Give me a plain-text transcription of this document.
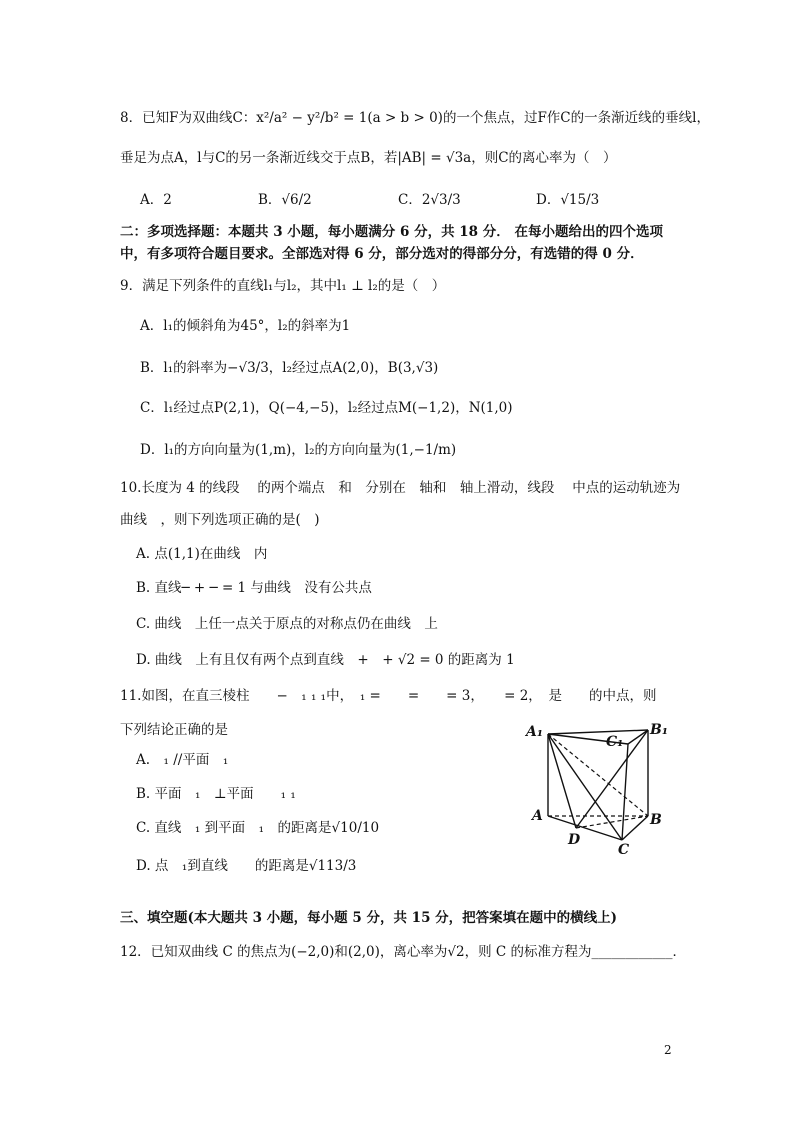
8．已知F为双曲线C：x²/a² − y²/b² = 1(a > b > 0)的一个焦点，过F作C的一条渐近线的垂线l，
垂足为点A，l与C的另一条渐近线交于点B，若|AB| = √3a，则C的离心率为（　）
A．2	B．√6/2	C．2√3/3	D．√15/3
二：多项选择题：本题共 3 小题，每小题满分 6 分，共 18 分． 在每小题给出的四个选项
中，有多项符合题目要求。全部选对得 6 分，部分选对的得部分分，有选错的得 0 分．
9．满足下列条件的直线l₁与l₂，其中l₁ ⊥ l₂的是（　）
A．l₁的倾斜角为45°，l₂的斜率为1
B．l₁的斜率为−√3/3，l₂经过点A(2,0)，B(3,√3)
C．l₁经过点P(2,1)，Q(−4,−5)，l₂经过点M(−1,2)，N(1,0)
D．l₁的方向向量为(1,m)，l₂的方向向量为(1,−1/m)
10.长度为 4 的线段　 的两个端点　和　分别在　轴和　轴上滑动，线段　 中点的运动轨迹为
曲线　，则下列选项正确的是(　)
A. 点(1,1)在曲线　内
B. 直线─ + ─ = 1 与曲线　没有公共点
C. 曲线　上任一点关于原点的对称点仍在曲线　上
D. 曲线　上有且仅有两个点到直线　+　+ √2 = 0 的距离为 1
11.如图，在直三棱柱　　−　₁ ₁ ₁中，　₁ =　　=　　= 3，　　= 2，　是　　的中点，则
下列结论正确的是
A.　₁ //平面　₁
B. 平面　₁　⊥平面　　₁ ₁
C. 直线　₁ 到平面　₁　的距离是√10/10
D. 点　₁到直线　　的距离是√113/3
A₁
C₁
B₁
A	B
D
C
三、填空题(本大题共 3 小题，每小题 5 分，共 15 分，把答案填在题中的横线上)
12．已知双曲线 C 的焦点为(−2,0)和(2,0)，离心率为√2，则 C 的标准方程为____________．
2
